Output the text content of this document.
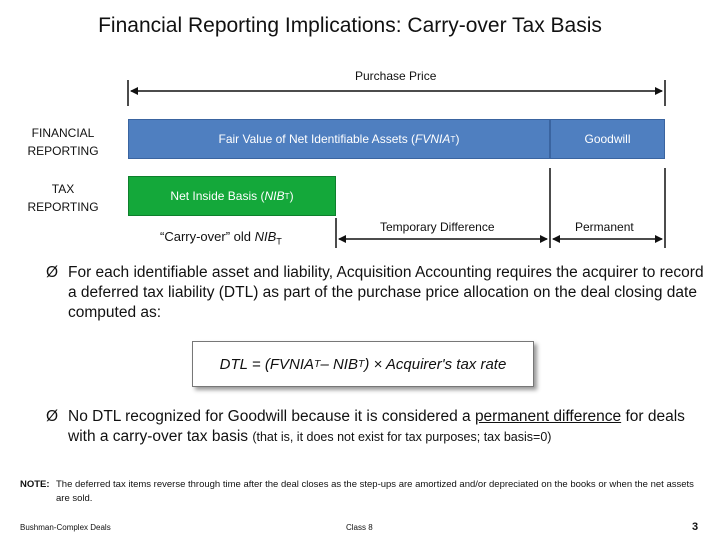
Financial Reporting Implications: Carry-over Tax Basis
Purchase Price
FINANCIAL
REPORTING
TAX
REPORTING
Fair Value of Net Identifiable Assets ( FVNIA T )	Goodwill
Net Inside Basis ( NIB T )
“Carry-over” old $NIB_T$
Temporary Difference	Permanent
Ø For each identifiable asset and liability, Acquisition Accounting requires the acquirer to record a deferred tax liability (DTL) as part of the purchase price allocation on the deal closing date computed as:
DTL = (FVNIA T – NIB T ) × Acquirer's tax rate
Ø No DTL recognized for Goodwill because it is considered a permanent difference for deals with a carry-over tax basis (that is, it does not exist for tax purposes; tax basis=0)
NOTE: The deferred tax items reverse through time after the deal closes as the step-ups are amortized and/or depreciated on the books or when the net assets are sold.
Bushman-Complex Deals	Class 8	3
